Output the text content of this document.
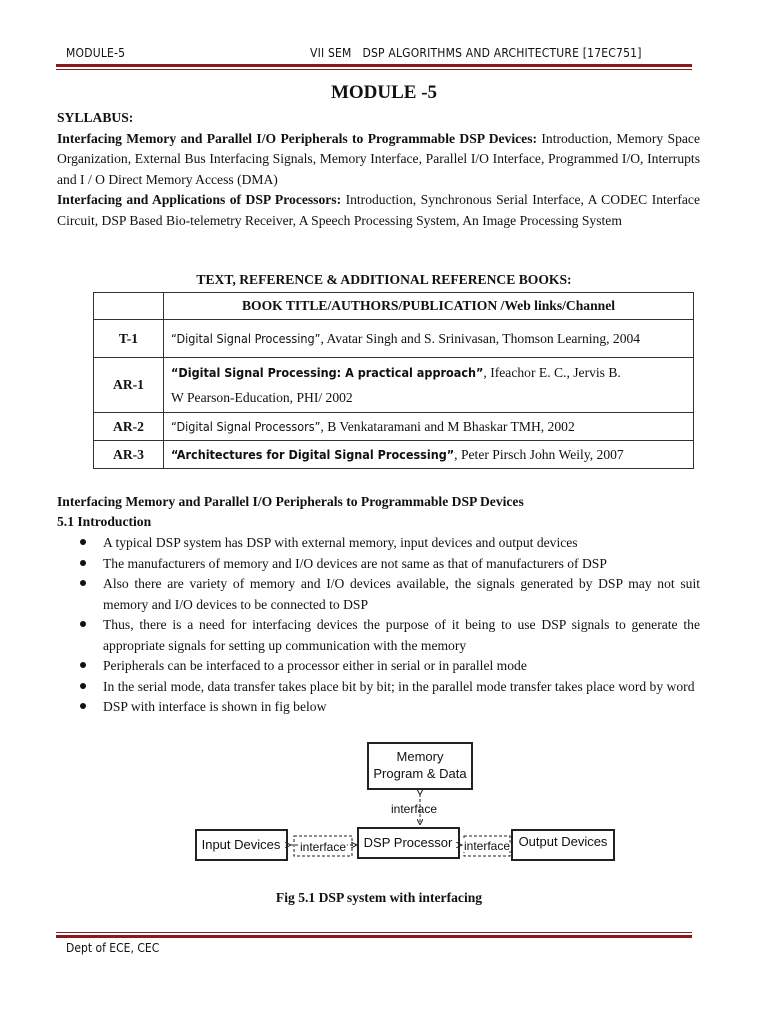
MODULE-5	VII SEM   DSP ALGORITHMS AND ARCHITECTURE [17EC751]
MODULE -5
SYLLABUS:
Interfacing Memory and Parallel I/O Peripherals to Programmable DSP Devices: Introduction, Memory Space Organization, External Bus Interfacing Signals, Memory Interface, Parallel I/O Interface, Programmed I/O, Interrupts and I / O Direct Memory Access (DMA)
Interfacing and Applications of DSP Processors: Introduction, Synchronous Serial Interface, A CODEC Interface Circuit, DSP Based Bio-telemetry Receiver, A Speech Processing System, An Image Processing System
TEXT, REFERENCE & ADDITIONAL REFERENCE BOOKS:
	BOOK TITLE/AUTHORS/PUBLICATION /Web links/Channel
T-1	“Digital Signal Processing”, Avatar Singh and S. Srinivasan, Thomson Learning, 2004
AR-1	“Digital Signal Processing: A practical approach”, Ifeachor E. C., Jervis B.
W Pearson-Education, PHI/ 2002
AR-2	“Digital Signal Processors”, B Venkataramani and M Bhaskar TMH, 2002
AR-3	“Architectures for Digital Signal Processing”, Peter Pirsch John Weily, 2007
Interfacing Memory and Parallel I/O Peripherals to Programmable DSP Devices
5.1 Introduction
A typical DSP system has DSP with external memory, input devices and output devices
The manufacturers of memory and I/O devices are not same as that of manufacturers of DSP
Also there are variety of memory and I/O devices available, the signals generated by DSP may not suit memory and I/O devices to be connected to DSP
Thus, there is a need for interfacing devices the purpose of it being to use DSP signals to generate the appropriate signals for setting up communication with the memory
Peripherals can be interfaced to a processor either in serial or in parallel mode
In the serial mode, data transfer takes place bit by bit; in the parallel mode transfer takes place word by word
DSP with interface is shown in fig below
Memory
Program & Data
interface
Input Devices interface DSP Processor interface Output Devices
Fig 5.1 DSP system with interfacing
Dept of ECE, CEC
